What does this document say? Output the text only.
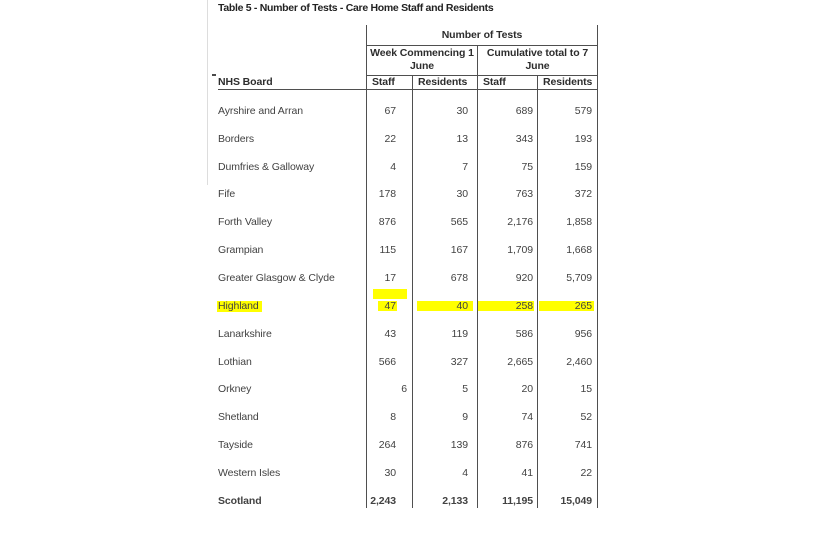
Table 5 - Number of Tests - Care Home Staff and Residents
Number of Tests
Week Commencing 1 June
Cumulative total to 7 June
NHS Board	Staff	Residents	Staff	Residents
Ayrshire and Arran	67	30	689	579
Borders	22	13	343	193
Dumfries & Galloway	4	7	75	159
Fife	178	30	763	372
Forth Valley	876	565	2,176	1,858
Grampian	115	167	1,709	1,668
Greater Glasgow & Clyde	17	678	920	5,709
Highland	47	40	258	265
Lanarkshire	43	119	586	956
Lothian	566	327	2,665	2,460
Orkney	6	5	20	15
Shetland	8	9	74	52
Tayside	264	139	876	741
Western Isles	30	4	41	22
Scotland	2,243	2,133	11,195	15,049
